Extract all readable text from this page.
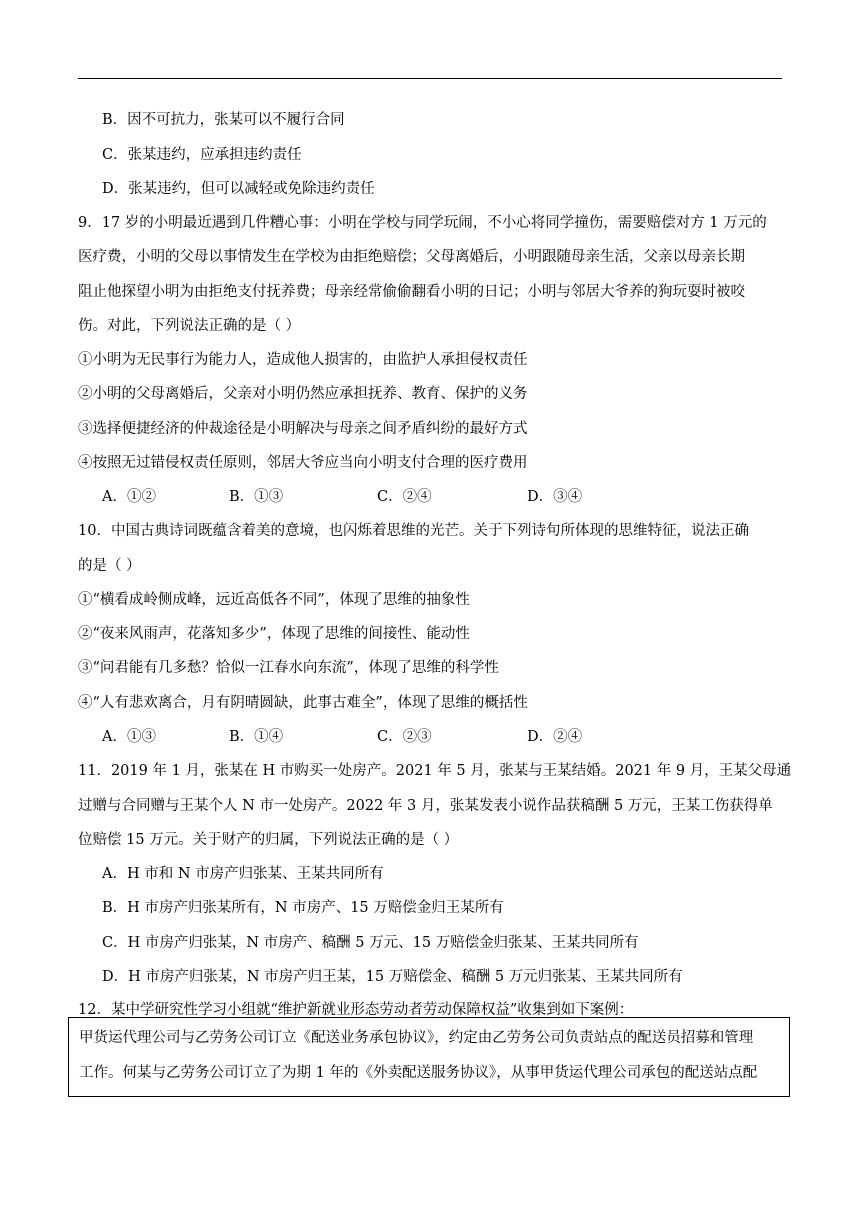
B．因不可抗力，张某可以不履行合同
C．张某违约，应承担违约责任
D．张某违约，但可以减轻或免除违约责任
9．17 岁的小明最近遇到几件糟心事：小明在学校与同学玩闹，不小心将同学撞伤，需要赔偿对方 1 万元的
医疗费，小明的父母以事情发生在学校为由拒绝赔偿；父母离婚后，小明跟随母亲生活，父亲以母亲长期
阻止他探望小明为由拒绝支付抚养费；母亲经常偷偷翻看小明的日记；小明与邻居大爷养的狗玩耍时被咬
伤。对此，下列说法正确的是（ ）
①小明为无民事行为能力人，造成他人损害的，由监护人承担侵权责任
②小明的父母离婚后，父亲对小明仍然应承担抚养、教育、保护的义务
③选择便捷经济的仲裁途径是小明解决与母亲之间矛盾纠纷的最好方式
④按照无过错侵权责任原则，邻居大爷应当向小明支付合理的医疗费用
A．①②	B．①③	C．②④	D．③④
10．中国古典诗词既蕴含着美的意境，也闪烁着思维的光芒。关于下列诗句所体现的思维特征，说法正确
的是（ ）
①“横看成岭侧成峰，远近高低各不同”，体现了思维的抽象性
②“夜来风雨声，花落知多少”，体现了思维的间接性、能动性
③“问君能有几多愁？恰似一江春水向东流”，体现了思维的科学性
④“人有悲欢离合，月有阴晴圆缺，此事古难全”，体现了思维的概括性
A．①③	B．①④	C．②③	D．②④
11．2019 年 1 月，张某在 H 市购买一处房产。2021 年 5 月，张某与王某结婚。2021 年 9 月，王某父母通
过赠与合同赠与王某个人 N 市一处房产。2022 年 3 月，张某发表小说作品获稿酬 5 万元，王某工伤获得单
位赔偿 15 万元。关于财产的归属，下列说法正确的是（ ）
A．H 市和 N 市房产归张某、王某共同所有
B．H 市房产归张某所有，N 市房产、15 万赔偿金归王某所有
C．H 市房产归张某，N 市房产、稿酬 5 万元、15 万赔偿金归张某、王某共同所有
D．H 市房产归张某，N 市房产归王某，15 万赔偿金、稿酬 5 万元归张某、王某共同所有
12．某中学研究性学习小组就“维护新就业形态劳动者劳动保障权益”收集到如下案例：
甲货运代理公司与乙劳务公司订立《配送业务承包协议》，约定由乙劳务公司负责站点的配送员招募和管理
工作。何某与乙劳务公司订立了为期 1 年的《外卖配送服务协议》，从事甲货运代理公司承包的配送站点配
